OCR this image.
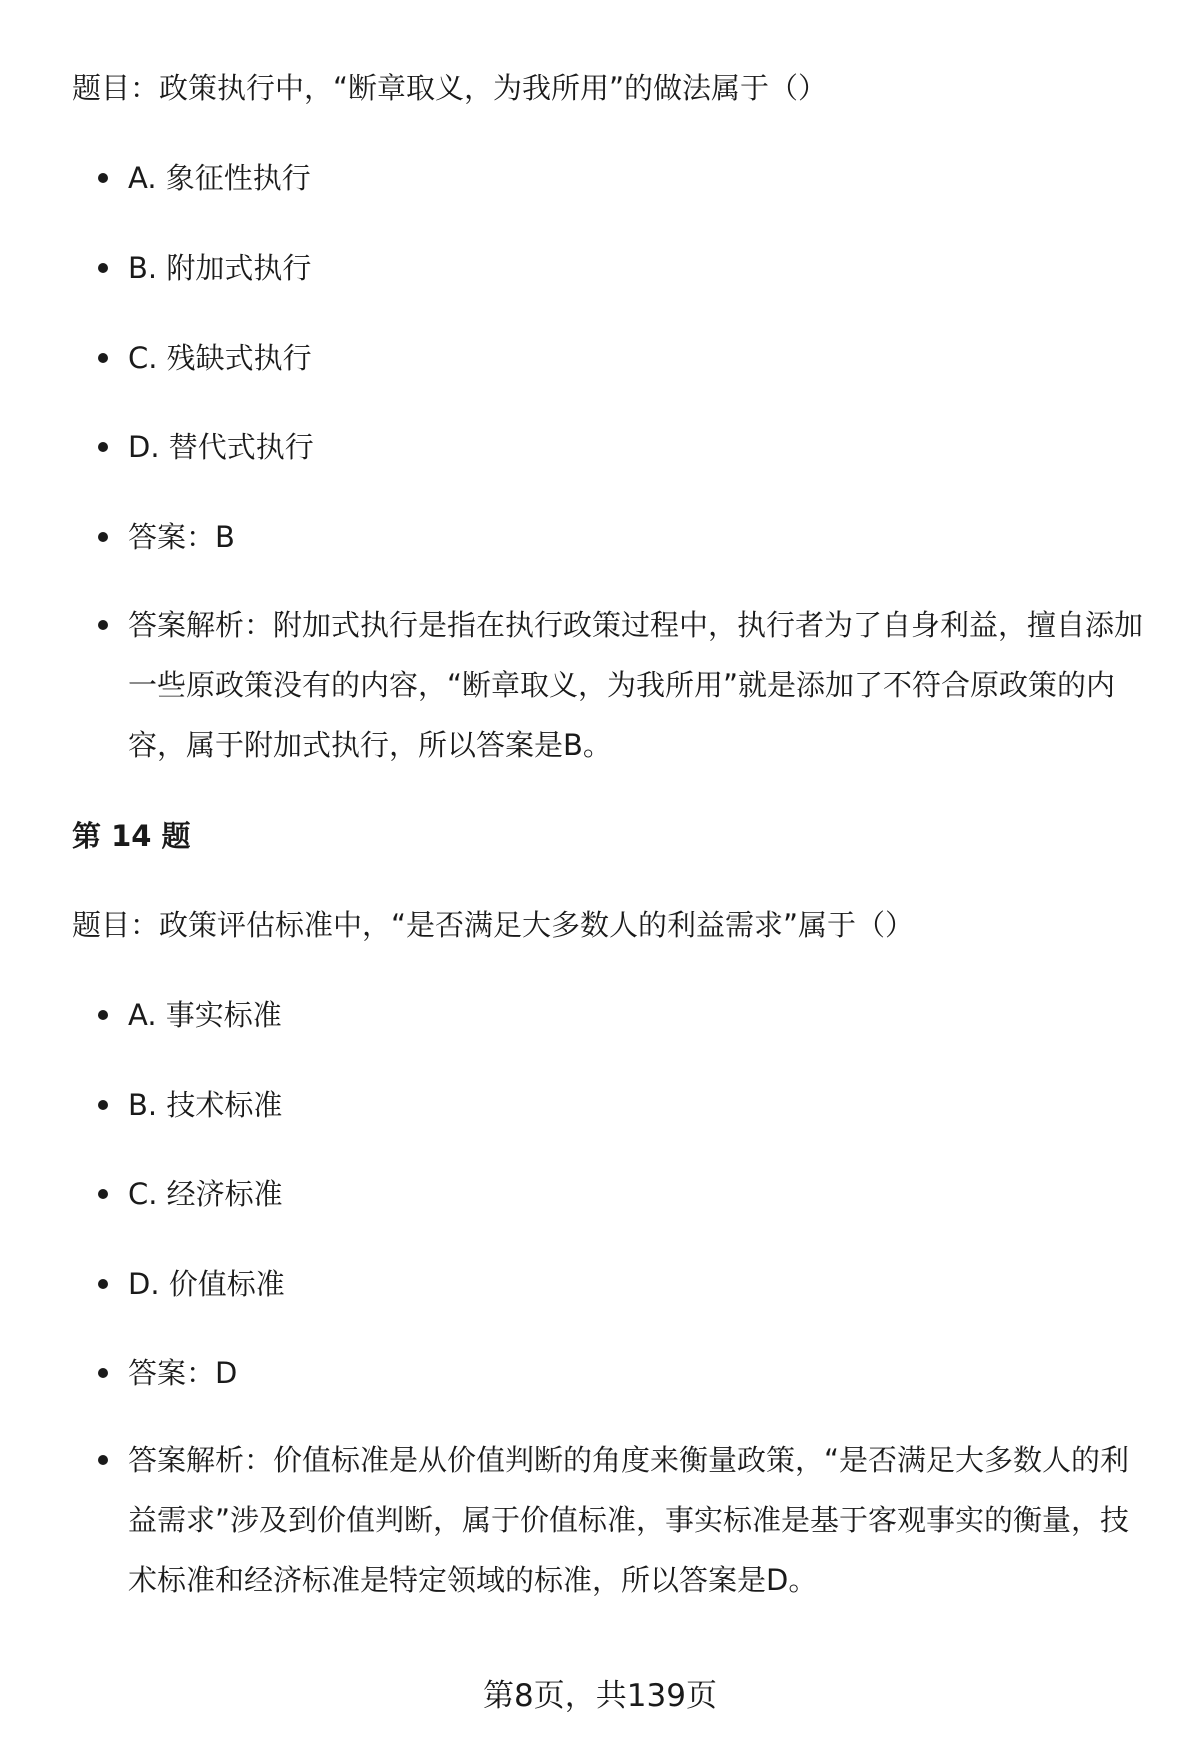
题目：政策执行中，“断章取义，为我所用”的做法属于（）
A. 象征性执行
B. 附加式执行
C. 残缺式执行
D. 替代式执行
答案：B
答案解析：附加式执行是指在执行政策过程中，执行者为了自身利益，擅自添加一些原政策没有的内容，“断章取义，为我所用”就是添加了不符合原政策的内容，属于附加式执行，所以答案是B。
第 14 题
题目：政策评估标准中，“是否满足大多数人的利益需求”属于（）
A. 事实标准
B. 技术标准
C. 经济标准
D. 价值标准
答案：D
答案解析：价值标准是从价值判断的角度来衡量政策，“是否满足大多数人的利益需求”涉及到价值判断，属于价值标准，事实标准是基于客观事实的衡量，技术标准和经济标准是特定领域的标准，所以答案是D。
第8页，共139页
